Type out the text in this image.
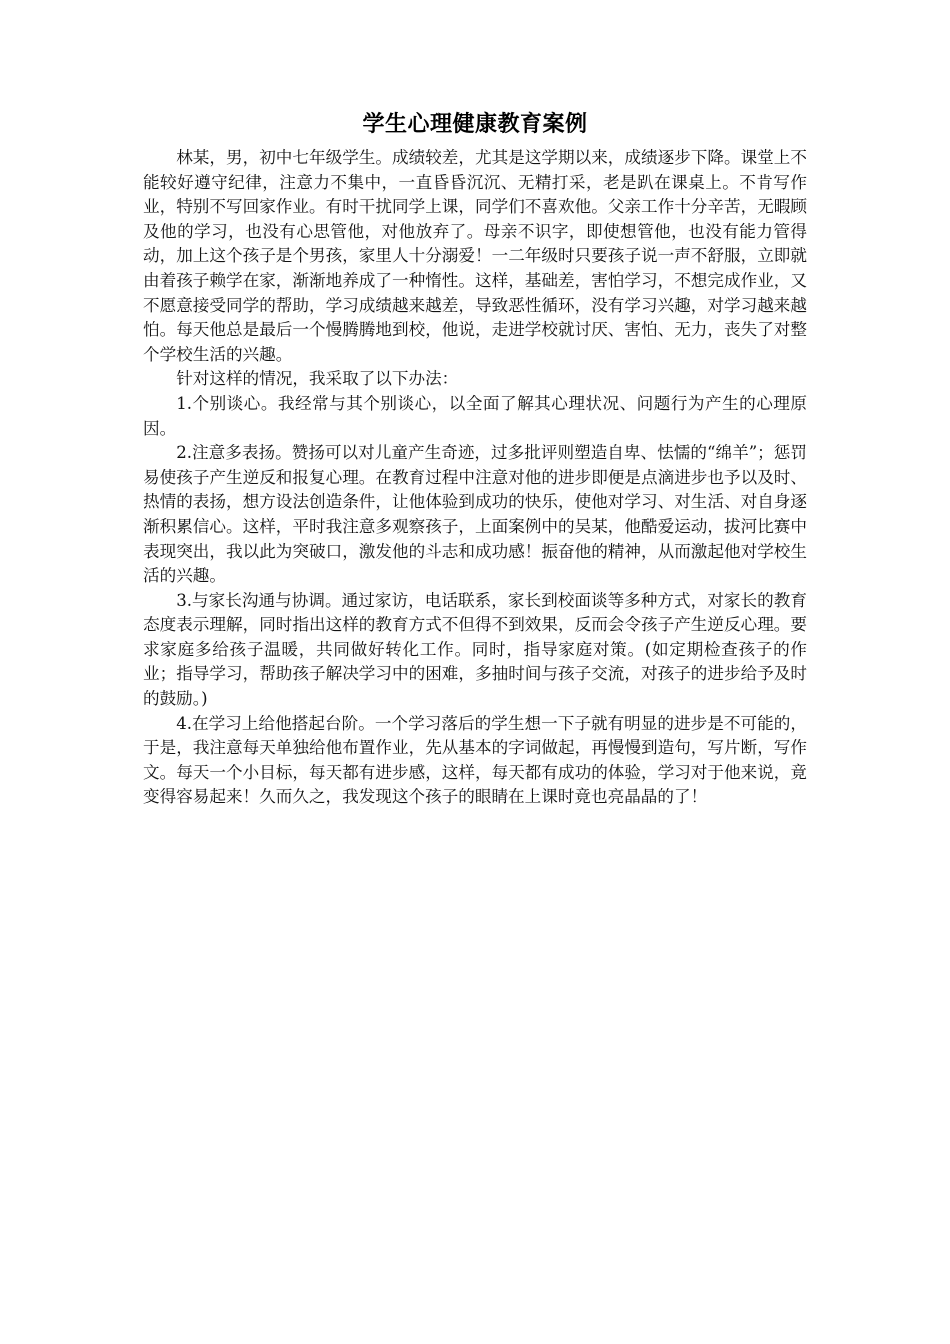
学生心理健康教育案例

林某，男，初中七年级学生。成绩较差，尤其是这学期以来，成绩逐步下降。课堂上不能较好遵守纪律，注意力不集中，一直昏昏沉沉、无精打采，老是趴在课桌上。不肯写作业，特别不写回家作业。有时干扰同学上课，同学们不喜欢他。父亲工作十分辛苦，无暇顾及他的学习，也没有心思管他，对他放弃了。母亲不识字，即使想管他，也没有能力管得动，加上这个孩子是个男孩，家里人十分溺爱！一二年级时只要孩子说一声不舒服，立即就由着孩子赖学在家，渐渐地养成了一种惰性。这样，基础差，害怕学习，不想完成作业，又不愿意接受同学的帮助，学习成绩越来越差，导致恶性循环，没有学习兴趣，对学习越来越怕。每天他总是最后一个慢腾腾地到校，他说，走进学校就讨厌、害怕、无力，丧失了对整个学校生活的兴趣。

针对这样的情况，我采取了以下办法：

1.个别谈心。我经常与其个别谈心，以全面了解其心理状况、问题行为产生的心理原因。

2.注意多表扬。赞扬可以对儿童产生奇迹，过多批评则塑造自卑、怯懦的“绵羊”；惩罚易使孩子产生逆反和报复心理。在教育过程中注意对他的进步即便是点滴进步也予以及时、热情的表扬，想方设法创造条件，让他体验到成功的快乐，使他对学习、对生活、对自身逐渐积累信心。这样，平时我注意多观察孩子，上面案例中的吴某，他酷爱运动，拔河比赛中表现突出，我以此为突破口，激发他的斗志和成功感！振奋他的精神，从而激起他对学校生活的兴趣。

3.与家长沟通与协调。通过家访，电话联系，家长到校面谈等多种方式，对家长的教育态度表示理解，同时指出这样的教育方式不但得不到效果，反而会令孩子产生逆反心理。要求家庭多给孩子温暖，共同做好转化工作。同时，指导家庭对策。(如定期检查孩子的作业；指导学习，帮助孩子解决学习中的困难，多抽时间与孩子交流，对孩子的进步给予及时的鼓励。)

4.在学习上给他搭起台阶。一个学习落后的学生想一下子就有明显的进步是不可能的，于是，我注意每天单独给他布置作业，先从基本的字词做起，再慢慢到造句，写片断，写作文。每天一个小目标，每天都有进步感，这样，每天都有成功的体验，学习对于他来说，竟变得容易起来！久而久之，我发现这个孩子的眼睛在上课时竟也亮晶晶的了！
